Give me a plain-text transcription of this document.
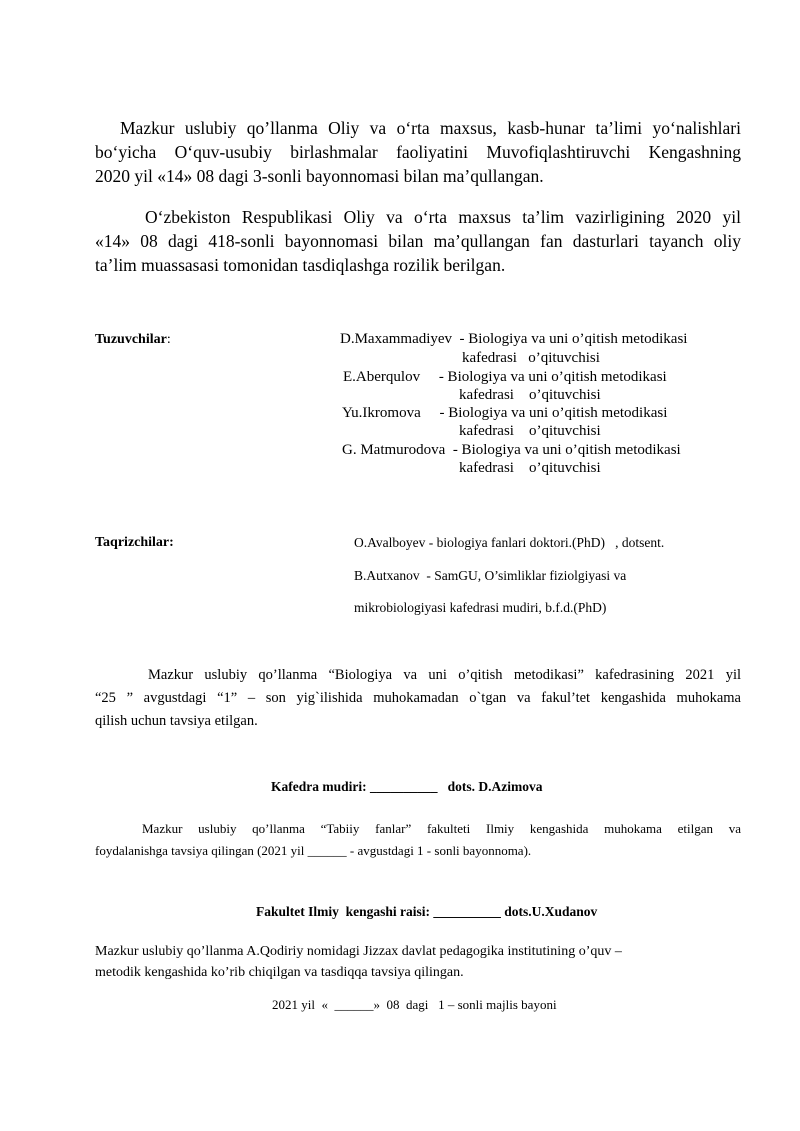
Mazkur uslubiy qo’llanma Oliy va o‘rta maxsus, kasb-hunar ta’limi yo‘nalishlari
bo‘yicha O‘quv-usubiy birlashmalar faoliyatini Muvofiqlashtiruvchi Kengashning
2020 yil «14» 08 dagi 3-sonli bayonnomasi bilan ma’qullangan.
O‘zbekiston Respublikasi Oliy va o‘rta maxsus ta’lim vazirligining 2020 yil
«14» 08 dagi 418-sonli bayonnomasi bilan ma’qullangan fan dasturlari tayanch oliy
ta’lim muassasasi tomonidan tasdiqlashga rozilik berilgan.
Tuzuvchilar:	D.Maxammadiyev  - Biologiya va uni o’qitish metodikasi
kafedrasi   o’qituvchisi
E.Aberqulov     - Biologiya va uni o’qitish metodikasi
kafedrasi    o’qituvchisi
Yu.Ikromova     - Biologiya va uni o’qitish metodikasi
kafedrasi    o’qituvchisi
G. Matmurodova  - Biologiya va uni o’qitish metodikasi
kafedrasi    o’qituvchisi
Taqrizchilar:	O.Avalboyev - biologiya fanlari doktori.(PhD)   , dotsent.
B.Autxanov  - SamGU, O’simliklar fiziolgiyasi va
mikrobiologiyasi kafedrasi mudiri, b.f.d.(PhD)
Mazkur uslubiy qo’llanma “Biologiya va uni o’qitish metodikasi” kafedrasining 2021 yil
“25 ” avgustdagi “1” – son yig`ilishida muhokamadan o`tgan va fakul’tet kengashida muhokama
qilish uchun tavsiya etilgan.
Kafedra mudiri: __________   dots. D.Azimova
Mazkur uslubiy qo’llanma “Tabiiy fanlar” fakulteti Ilmiy kengashida muhokama etilgan va
foydalanishga tavsiya qilingan (2021 yil ______ - avgustdagi 1 - sonli bayonnoma).
Fakultet Ilmiy  kengashi raisi: __________ dots.U.Xudanov
Mazkur uslubiy qo’llanma A.Qodiriy nomidagi Jizzax davlat pedagogika institutining o’quv –
metodik kengashida ko’rib chiqilgan va tasdiqqa tavsiya qilingan.
2021 yil  «  ______»  08  dagi   1 – sonli majlis bayoni
